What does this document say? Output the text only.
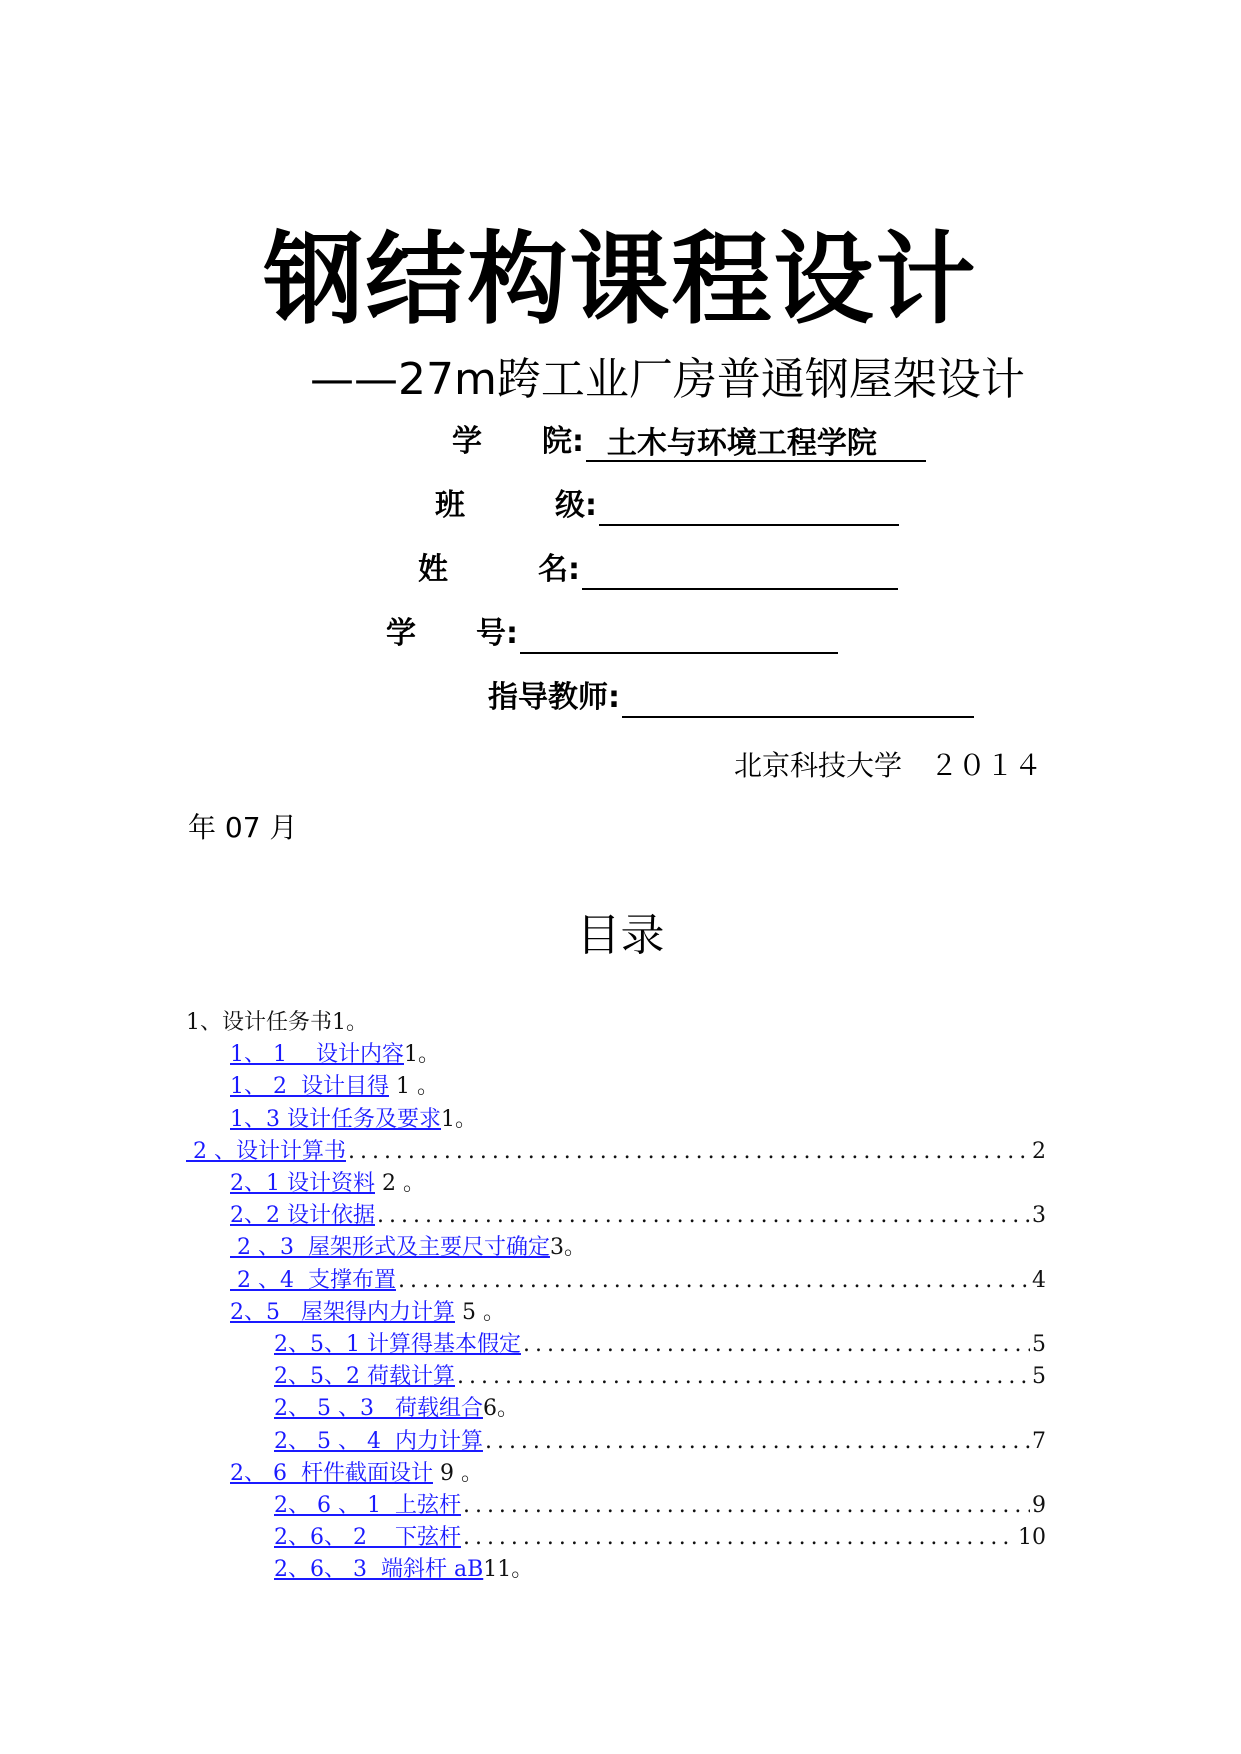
钢结构课程设计
——27m跨工业厂房普通钢屋架设计
学　　院: 土木与环境工程学院
班　　　级:
姓　　　名:
学　　号:
指导教师:
北京科技大学　２０１４
年 07 月
目录
1、设计任务书 1。
1、 1　 设计内容 1。
1、 2  设计目得 1 。
1、3 设计任务及要求 1。
2 、设计计算书 . . .	2
2、1 设计资料 2 。
2、2 设计依据 . . .	3
2 、3  屋架形式及主要尺寸确定 3。
2 、4  支撑布置 . . .	4
2、5   屋架得内力计算 5 。
2、5、1 计算得基本假定 . . .	5
2、5、2 荷载计算 . . .	5
2、 5 、3   荷载组合 6。
2、 5 、 4  内力计算 . . .	7
2、 6  杆件截面设计 9 。
2、 6 、 1  上弦杆 . . .	9
2、6、 2    下弦杆 . . .	10
2、6、 3  端斜杆 aB 11。
